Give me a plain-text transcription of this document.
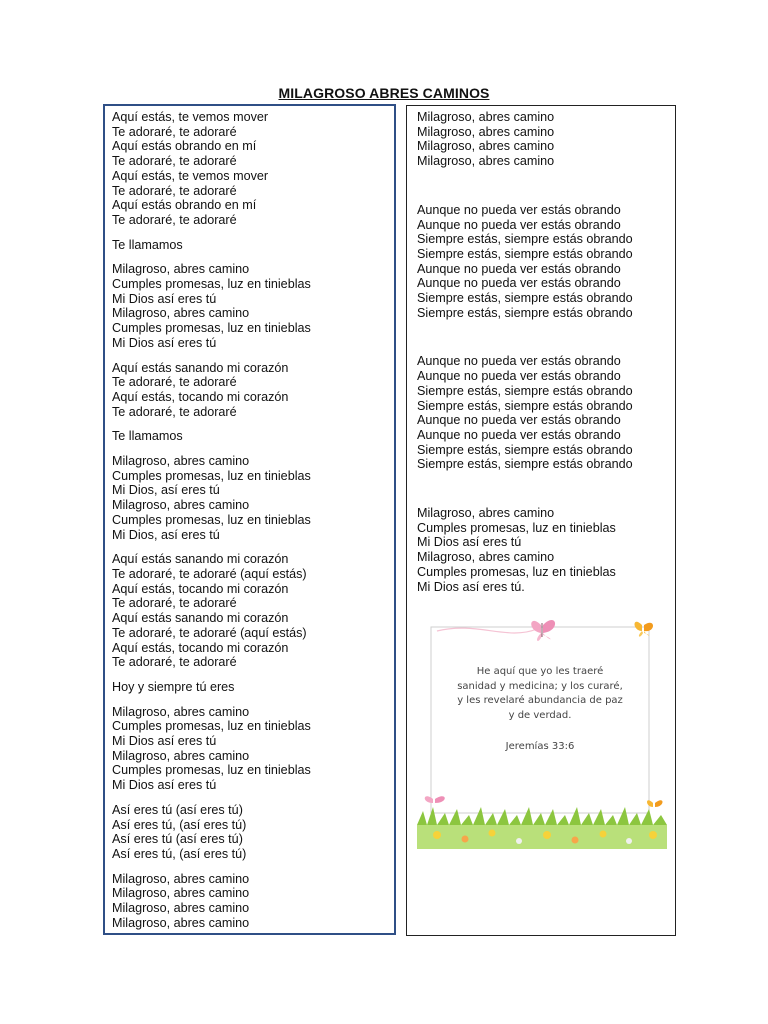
MILAGROSO ABRES CAMINOS
Aquí estás, te vemos mover
Te adoraré, te adoraré
Aquí estás obrando en mí
Te adoraré, te adoraré
Aquí estás, te vemos mover
Te adoraré, te adoraré
Aquí estás obrando en mí
Te adoraré, te adoraré
Te llamamos
Milagroso, abres camino
Cumples promesas, luz en tinieblas
Mi Dios así eres tú
Milagroso, abres camino
Cumples promesas, luz en tinieblas
Mi Dios así eres tú
Aquí estás sanando mi corazón
Te adoraré, te adoraré
Aquí estás, tocando mi corazón
Te adoraré, te adoraré
Te llamamos
Milagroso, abres camino
Cumples promesas, luz en tinieblas
Mi Dios, así eres tú
Milagroso, abres camino
Cumples promesas, luz en tinieblas
Mi Dios, así eres tú
Aquí estás sanando mi corazón
Te adoraré, te adoraré (aquí estás)
Aquí estás, tocando mi corazón
Te adoraré, te adoraré
Aquí estás sanando mi corazón
Te adoraré, te adoraré (aquí estás)
Aquí estás, tocando mi corazón
Te adoraré, te adoraré
Hoy y siempre tú eres
Milagroso, abres camino
Cumples promesas, luz en tinieblas
Mi Dios así eres tú
Milagroso, abres camino
Cumples promesas, luz en tinieblas
Mi Dios así eres tú
Así eres tú (así eres tú)
Así eres tú, (así eres tú)
Así eres tú (así eres tú)
Así eres tú, (así eres tú)
Milagroso, abres camino
Milagroso, abres camino
Milagroso, abres camino
Milagroso, abres camino
Milagroso, abres camino
Milagroso, abres camino
Milagroso, abres camino
Milagroso, abres camino
Aunque no pueda ver estás obrando
Aunque no pueda ver estás obrando
Siempre estás, siempre estás obrando
Siempre estás, siempre estás obrando
Aunque no pueda ver estás obrando
Aunque no pueda ver estás obrando
Siempre estás, siempre estás obrando
Siempre estás, siempre estás obrando
Aunque no pueda ver estás obrando
Aunque no pueda ver estás obrando
Siempre estás, siempre estás obrando
Siempre estás, siempre estás obrando
Aunque no pueda ver estás obrando
Aunque no pueda ver estás obrando
Siempre estás, siempre estás obrando
Siempre estás, siempre estás obrando
Milagroso, abres camino
Cumples promesas, luz en tinieblas
Mi Dios así eres tú
Milagroso, abres camino
Cumples promesas, luz en tinieblas
Mi Dios así eres tú.
He aquí que yo les traeré
sanidad y medicina; y los curaré,
y les revelaré abundancia de paz
y de verdad.
Jeremías 33:6
